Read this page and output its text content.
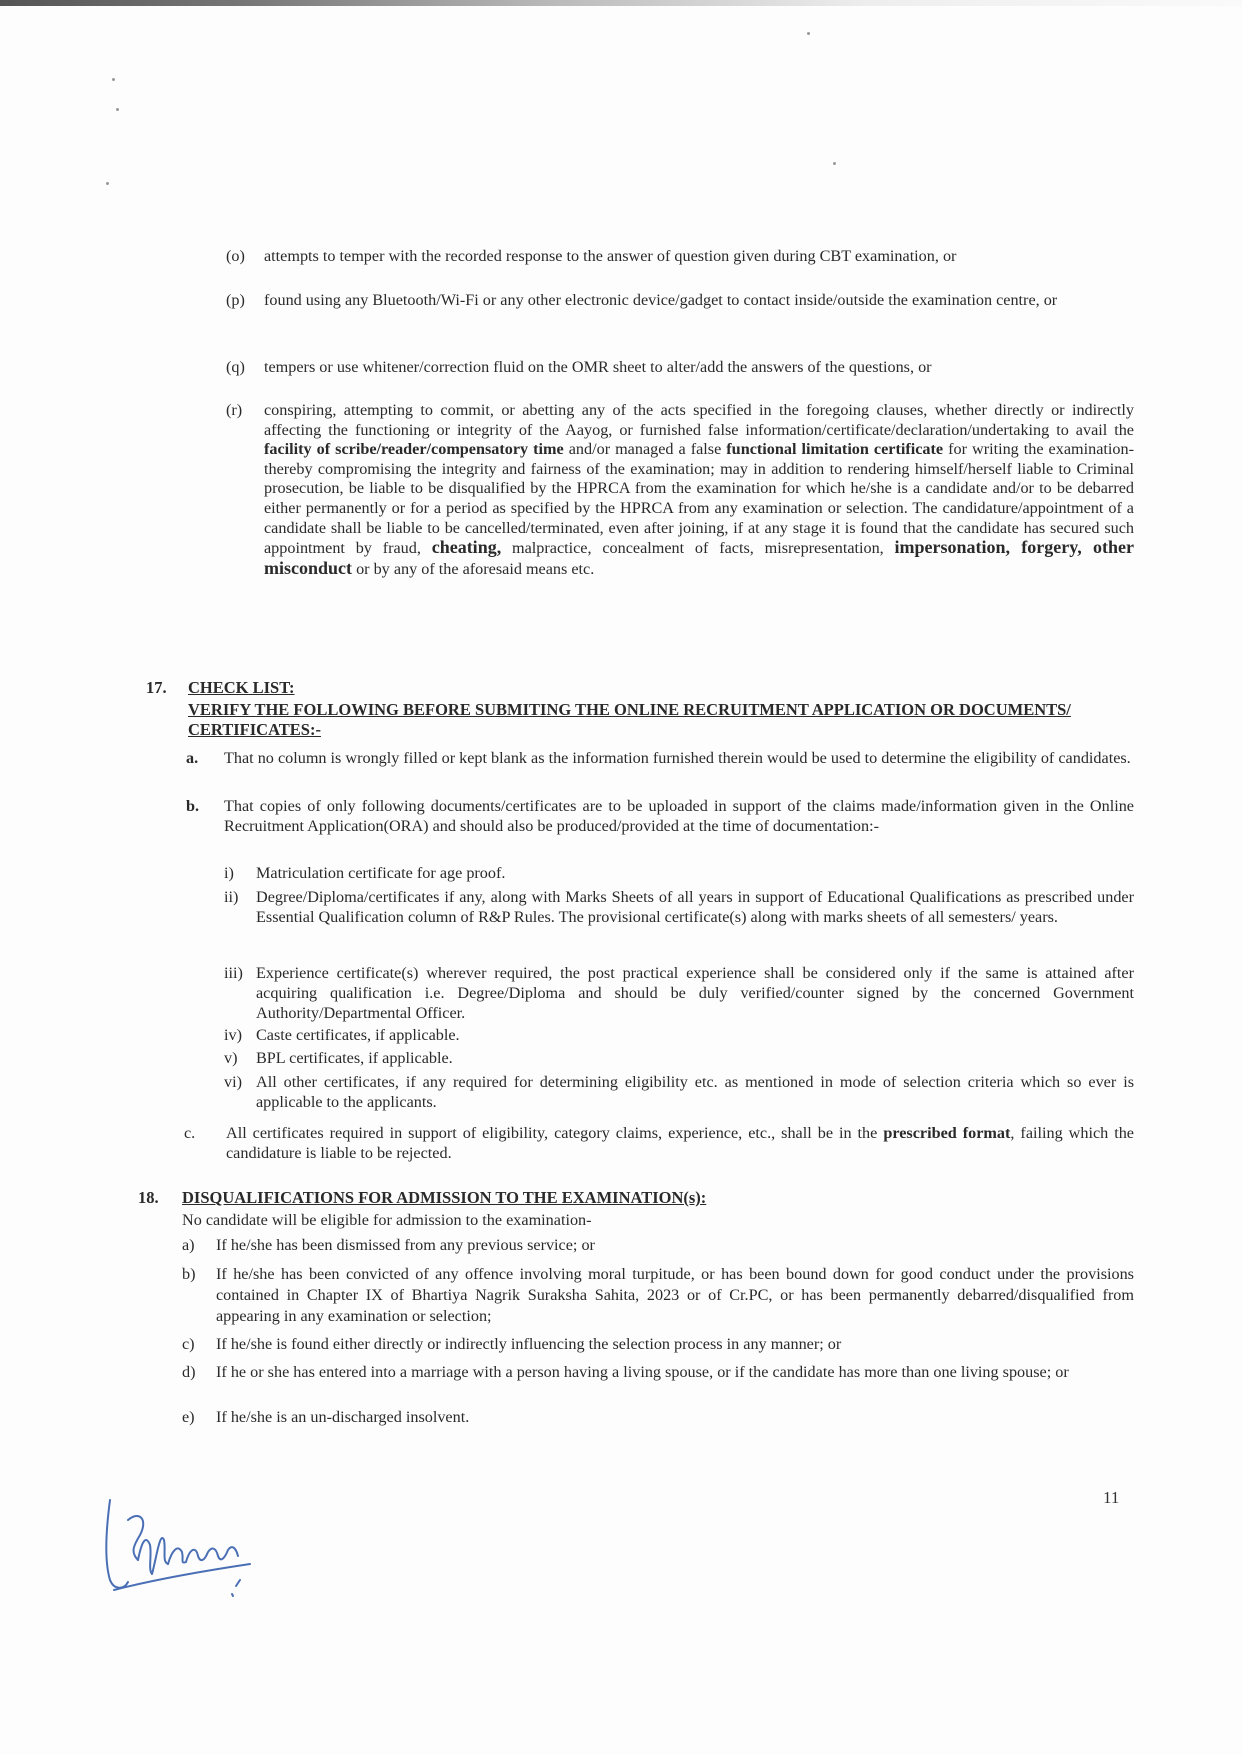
(o) attempts to temper with the recorded response to the answer of question given during CBT examination, or
(p) found using any Bluetooth/Wi-Fi or any other electronic device/gadget to contact inside/outside the examination centre, or
(q) tempers or use whitener/correction fluid on the OMR sheet to alter/add the answers of the questions, or
(r) conspiring, attempting to commit, or abetting any of the acts specified in the foregoing clauses, whether directly or indirectly affecting the functioning or integrity of the Aayog, or furnished false information/certificate/declaration/undertaking to avail the facility of scribe/reader/compensatory time and/or managed a false functional limitation certificate for writing the examination-thereby compromising the integrity and fairness of the examination; may in addition to rendering himself/herself liable to Criminal prosecution, be liable to be disqualified by the HPRCA from the examination for which he/she is a candidate and/or to be debarred either permanently or for a period as specified by the HPRCA from any examination or selection. The candidature/appointment of a candidate shall be liable to be cancelled/terminated, even after joining, if at any stage it is found that the candidate has secured such appointment by fraud, cheating, malpractice, concealment of facts, misrepresentation, impersonation, forgery, other misconduct or by any of the aforesaid means etc.
17. CHECK LIST:
VERIFY THE FOLLOWING BEFORE SUBMITING THE ONLINE RECRUITMENT APPLICATION OR DOCUMENTS/ CERTIFICATES:-
a. That no column is wrongly filled or kept blank as the information furnished therein would be used to determine the eligibility of candidates.
b. That copies of only following documents/certificates are to be uploaded in support of the claims made/information given in the Online Recruitment Application(ORA) and should also be produced/provided at the time of documentation:-
i) Matriculation certificate for age proof.
ii) Degree/Diploma/certificates if any, along with Marks Sheets of all years in support of Educational Qualifications as prescribed under Essential Qualification column of R&P Rules. The provisional certificate(s) along with marks sheets of all semesters/ years.
iii) Experience certificate(s) wherever required, the post practical experience shall be considered only if the same is attained after acquiring qualification i.e. Degree/Diploma and should be duly verified/counter signed by the concerned Government Authority/Departmental Officer.
iv) Caste certificates, if applicable.
v) BPL certificates, if applicable.
vi) All other certificates, if any required for determining eligibility etc. as mentioned in mode of selection criteria which so ever is applicable to the applicants.
c. All certificates required in support of eligibility, category claims, experience, etc., shall be in the prescribed format, failing which the candidature is liable to be rejected.
18. DISQUALIFICATIONS FOR ADMISSION TO THE EXAMINATION(s):
No candidate will be eligible for admission to the examination-
a) If he/she has been dismissed from any previous service; or
b) If he/she has been convicted of any offence involving moral turpitude, or has been bound down for good conduct under the provisions contained in Chapter IX of Bhartiya Nagrik Suraksha Sahita, 2023 or of Cr.PC, or has been permanently debarred/disqualified from appearing in any examination or selection;
c) If he/she is found either directly or indirectly influencing the selection process in any manner; or
d) If he or she has entered into a marriage with a person having a living spouse, or if the candidate has more than one living spouse; or
e) If he/she is an un-discharged insolvent.
11
